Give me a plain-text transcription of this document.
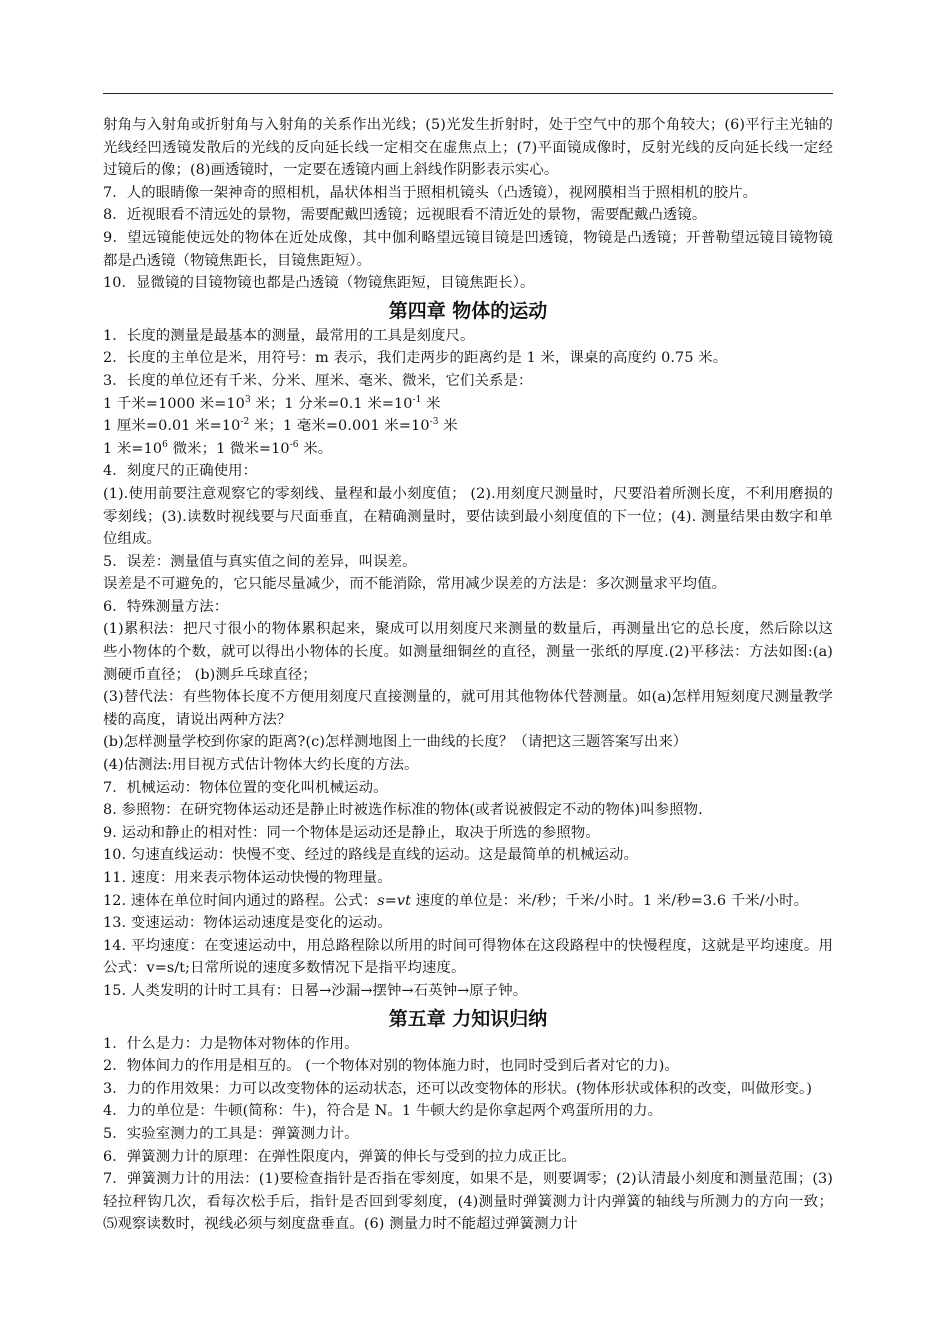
射角与入射角或折射角与入射角的关系作出光线；(5)光发生折射时，处于空气中的那个角较大；(6)平行主光轴的光线经凹透镜发散后的光线的反向延长线一定相交在虚焦点上；(7)平面镜成像时，反射光线的反向延长线一定经过镜后的像；(8)画透镜时，一定要在透镜内画上斜线作阴影表示实心。

7．人的眼睛像一架神奇的照相机，晶状体相当于照相机镜头（凸透镜），视网膜相当于照相机的胶片。

8．近视眼看不清远处的景物，需要配戴凹透镜；远视眼看不清近处的景物，需要配戴凸透镜。

9．望远镜能使远处的物体在近处成像，其中伽利略望远镜目镜是凹透镜，物镜是凸透镜；开普勒望远镜目镜物镜都是凸透镜（物镜焦距长，目镜焦距短）。

10．显微镜的目镜物镜也都是凸透镜（物镜焦距短，目镜焦距长）。

第四章 物体的运动

1．长度的测量是最基本的测量，最常用的工具是刻度尺。

2．长度的主单位是米，用符号：m 表示，我们走两步的距离约是 1 米，课桌的高度约 0.75 米。

3．长度的单位还有千米、分米、厘米、毫米、微米，它们关系是：

1 千米=1000 米$=10^3$ 米；1 分米=0.1 米$=10^{-1}$ 米

1 厘米=0.01 米$=10^{-2}$ 米；1 毫米=0.001 米$=10^{-3}$ 米

1 米$=10^6$ 微米；1 微米$=10^{-6}$ 米。

4．刻度尺的正确使用：

(1).使用前要注意观察它的零刻线、量程和最小刻度值； (2).用刻度尺测量时，尺要沿着所测长度，不利用磨损的零刻线；(3).读数时视线要与尺面垂直，在精确测量时，要估读到最小刻度值的下一位；(4). 测量结果由数字和单位组成。

5．误差：测量值与真实值之间的差异，叫误差。

误差是不可避免的，它只能尽量减少，而不能消除，常用减少误差的方法是：多次测量求平均值。

6．特殊测量方法：

(1)累积法：把尺寸很小的物体累积起来，聚成可以用刻度尺来测量的数量后，再测量出它的总长度，然后除以这些小物体的个数，就可以得出小物体的长度。如测量细铜丝的直径，测量一张纸的厚度.(2)平移法：方法如图:(a)测硬币直径； (b)测乒乓球直径；

(3)替代法：有些物体长度不方便用刻度尺直接测量的，就可用其他物体代替测量。如(a)怎样用短刻度尺测量教学楼的高度，请说出两种方法？

(b)怎样测量学校到你家的距离?(c)怎样测地图上一曲线的长度？（请把这三题答案写出来）

(4)估测法:用目视方式估计物体大约长度的方法。

7．机械运动：物体位置的变化叫机械运动。

8. 参照物：在研究物体运动还是静止时被选作标准的物体(或者说被假定不动的物体)叫参照物.

9. 运动和静止的相对性：同一个物体是运动还是静止，取决于所选的参照物。

10. 匀速直线运动：快慢不变、经过的路线是直线的运动。这是最简单的机械运动。

11. 速度：用来表示物体运动快慢的物理量。

12. 速体在单位时间内通过的路程。公式：s=vt 速度的单位是：米/秒；千米/小时。1 米/秒=3.6 千米/小时。

13. 变速运动：物体运动速度是变化的运动。

14. 平均速度：在变速运动中，用总路程除以所用的时间可得物体在这段路程中的快慢程度，这就是平均速度。用公式：v=s/t;日常所说的速度多数情况下是指平均速度。

15. 人类发明的计时工具有：日晷→沙漏→摆钟→石英钟→原子钟。

第五章 力知识归纳

1．什么是力：力是物体对物体的作用。

2．物体间力的作用是相互的。 (一个物体对别的物体施力时，也同时受到后者对它的力)。

3．力的作用效果：力可以改变物体的运动状态，还可以改变物体的形状。(物体形状或体积的改变，叫做形变。)

4．力的单位是：牛顿(简称：牛)，符合是 N。1 牛顿大约是你拿起两个鸡蛋所用的力。

5．实验室测力的工具是：弹簧测力计。

6．弹簧测力计的原理：在弹性限度内，弹簧的伸长与受到的拉力成正比。

7．弹簧测力计的用法：(1)要检查指针是否指在零刻度，如果不是，则要调零；(2)认清最小刻度和测量范围；(3)轻拉秤钩几次，看每次松手后，指针是否回到零刻度，(4)测量时弹簧测力计内弹簧的轴线与所测力的方向一致；⑸观察读数时，视线必须与刻度盘垂直。(6) 测量力时不能超过弹簧测力计
